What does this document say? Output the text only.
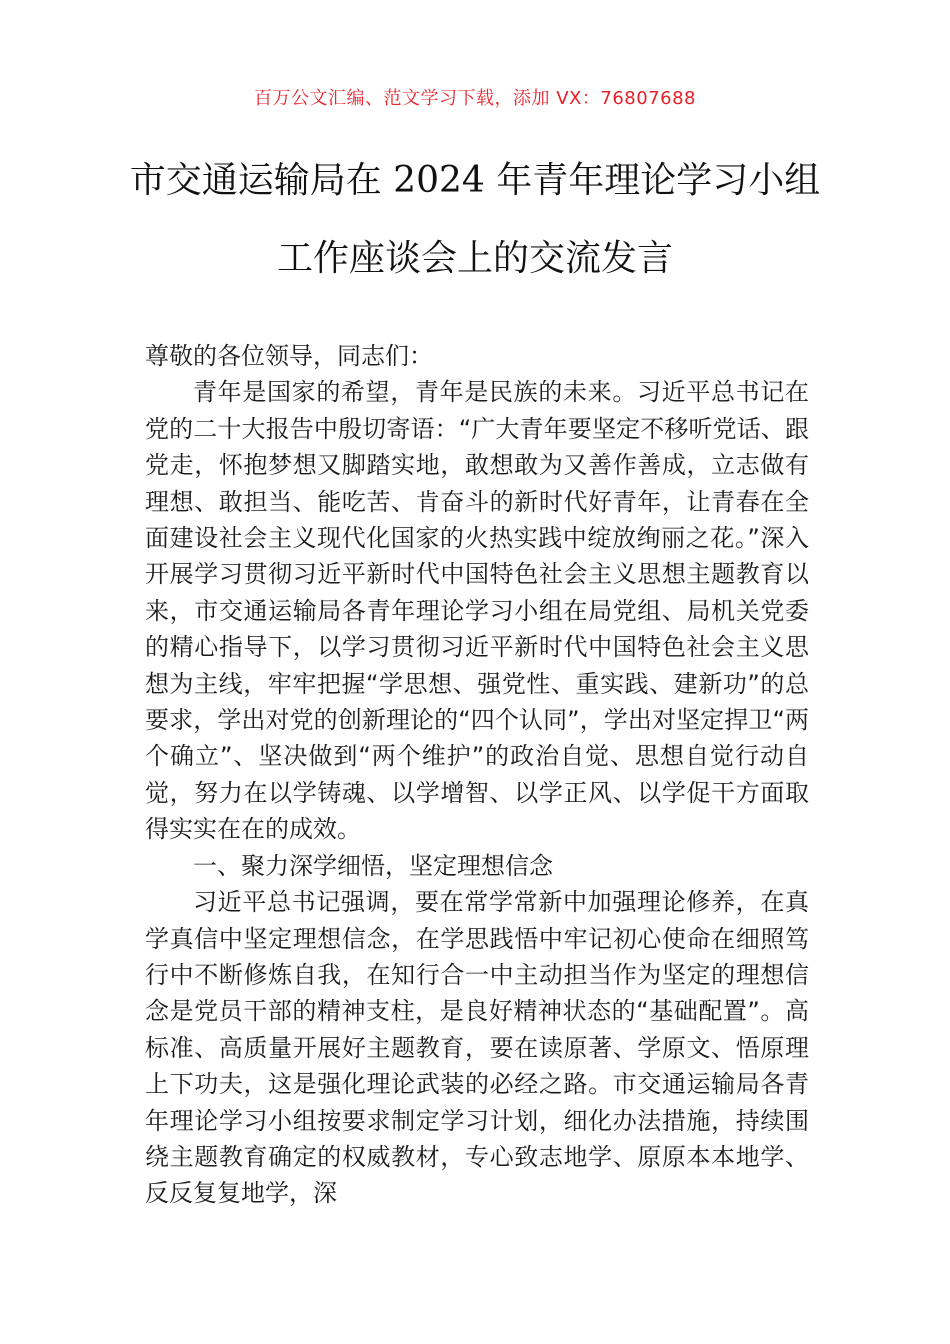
百万公文汇编、范文学习下载，添加 VX：76807688
市交通运输局在 2024 年青年理论学习小组
工作座谈会上的交流发言

尊敬的各位领导，同志们：

青年是国家的希望，青年是民族的未来。习近平总书记在党的二十大报告中殷切寄语：“广大青年要坚定不移听党话、跟党走，怀抱梦想又脚踏实地，敢想敢为又善作善成，立志做有理想、敢担当、能吃苦、肯奋斗的新时代好青年，让青春在全面建设社会主义现代化国家的火热实践中绽放绚丽之花。”深入开展学习贯彻习近平新时代中国特色社会主义思想主题教育以来，市交通运输局各青年理论学习小组在局党组、局机关党委的精心指导下，以学习贯彻习近平新时代中国特色社会主义思想为主线，牢牢把握“学思想、强党性、重实践、建新功”的总要求，学出对党的创新理论的“四个认同”，学出对坚定捍卫“两个确立”、坚决做到“两个维护”的政治自觉、思想自觉行动自觉，努力在以学铸魂、以学增智、以学正风、以学促干方面取得实实在在的成效。

一、聚力深学细悟，坚定理想信念

习近平总书记强调，要在常学常新中加强理论修养，在真学真信中坚定理想信念，在学思践悟中牢记初心使命在细照笃行中不断修炼自我，在知行合一中主动担当作为坚定的理想信念是党员干部的精神支柱，是良好精神状态的“基础配置”。高标准、高质量开展好主题教育，要在读原著、学原文、悟原理上下功夫，这是强化理论武装的必经之路。市交通运输局各青年理论学习小组按要求制定学习计划，细化办法措施，持续围绕主题教育确定的权威教材，专心致志地学、原原本本地学、反反复复地学，深
